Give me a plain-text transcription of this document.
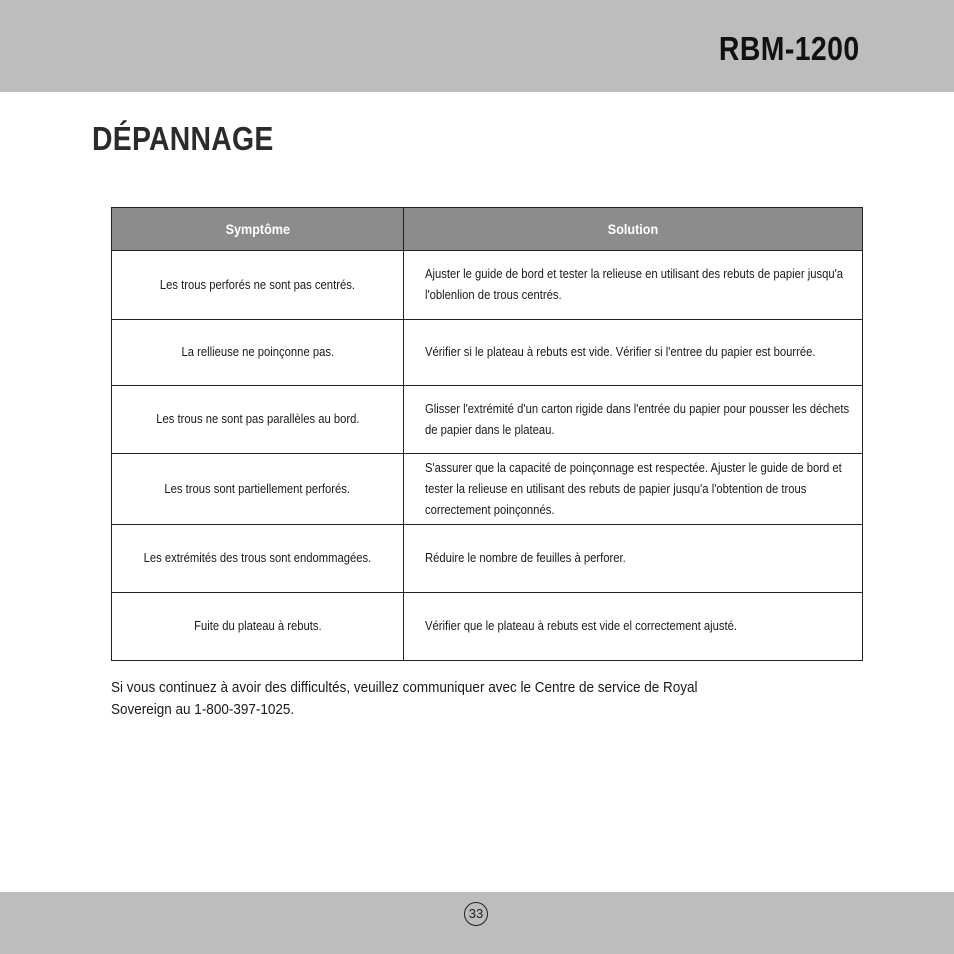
RBM-1200
DÉPANNAGE
Symptôme	Solution
Les trous perforés ne sont pas centrés.	Ajuster le guide de bord et tester la relieuse en utilisant des rebuts de papier jusqu'a l'oblenlion de trous centrés.
La rellieuse ne poinçonne pas.	Vérifier si le plateau à rebuts est vide. Vérifier si l'entree du papier est bourrée.
Les trous ne sont pas parallèles au bord.	Glisser l'extrémité d'un carton rigide dans l'entrée du papier pour pousser les déchets de papier dans le plateau.
Les trous sont partiellement perforés.	S'assurer que la capacité de poinçonnage est respectée. Ajuster le guide de bord et tester la relieuse en utilisant des rebuts de papier jusqu'a l'obtention de trous correctement poinçonnés.
Les extrémités des trous sont endommagées.	Réduire le nombre de feuilles à perforer.
Fuite du plateau à rebuts.	Vérifier que le plateau à rebuts est vide el correctement ajusté.
Si vous continuez à avoir des difficultés, veuillez communiquer avec le Centre de service de Royal Sovereign au 1-800-397-1025.
33
